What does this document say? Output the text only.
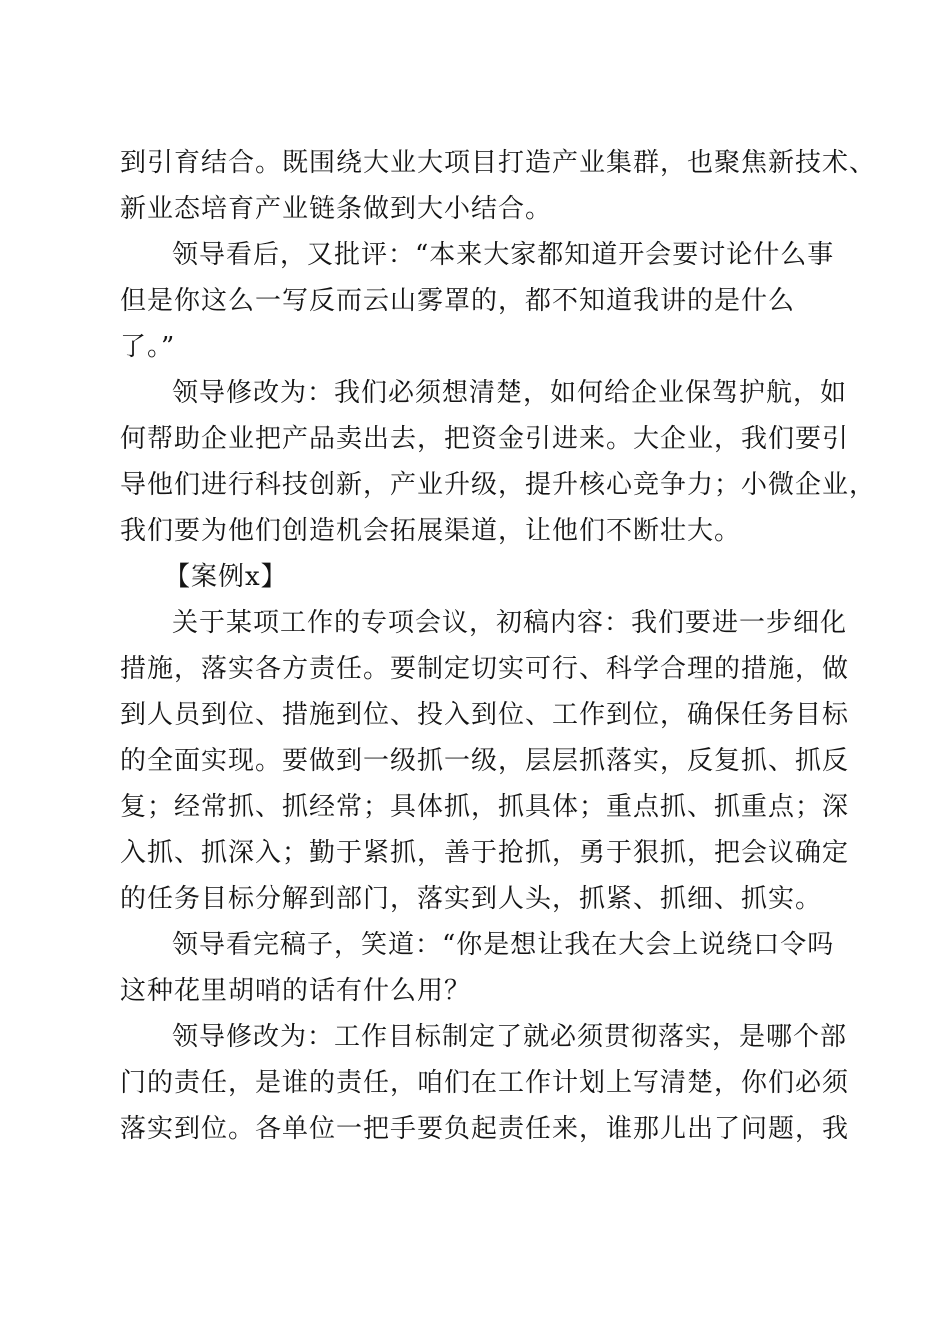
到引育结合。既围绕大业大项目打造产业集群，也聚焦新技术、
新业态培育产业链条做到大小结合。
领导看后，又批评：“本来大家都知道开会要讨论什么事
但是你这么一写反而云山雾罩的，都不知道我讲的是什么
了。”
领导修改为：我们必须想清楚，如何给企业保驾护航，如
何帮助企业把产品卖出去，把资金引进来。大企业，我们要引
导他们进行科技创新，产业升级，提升核心竞争力；小微企业，
我们要为他们创造机会拓展渠道，让他们不断壮大。
【案例x】
关于某项工作的专项会议，初稿内容：我们要进一步细化
措施，落实各方责任。要制定切实可行、科学合理的措施，做
到人员到位、措施到位、投入到位、工作到位，确保任务目标
的全面实现。要做到一级抓一级，层层抓落实，反复抓、抓反
复；经常抓、抓经常；具体抓，抓具体；重点抓、抓重点；深
入抓、抓深入；勤于紧抓，善于抢抓，勇于狠抓，把会议确定
的任务目标分解到部门，落实到人头，抓紧、抓细、抓实。
领导看完稿子，笑道：“你是想让我在大会上说绕口令吗
这种花里胡哨的话有什么用？
领导修改为：工作目标制定了就必须贯彻落实，是哪个部
门的责任，是谁的责任，咱们在工作计划上写清楚，你们必须
落实到位。各单位一把手要负起责任来，谁那儿出了问题，我
